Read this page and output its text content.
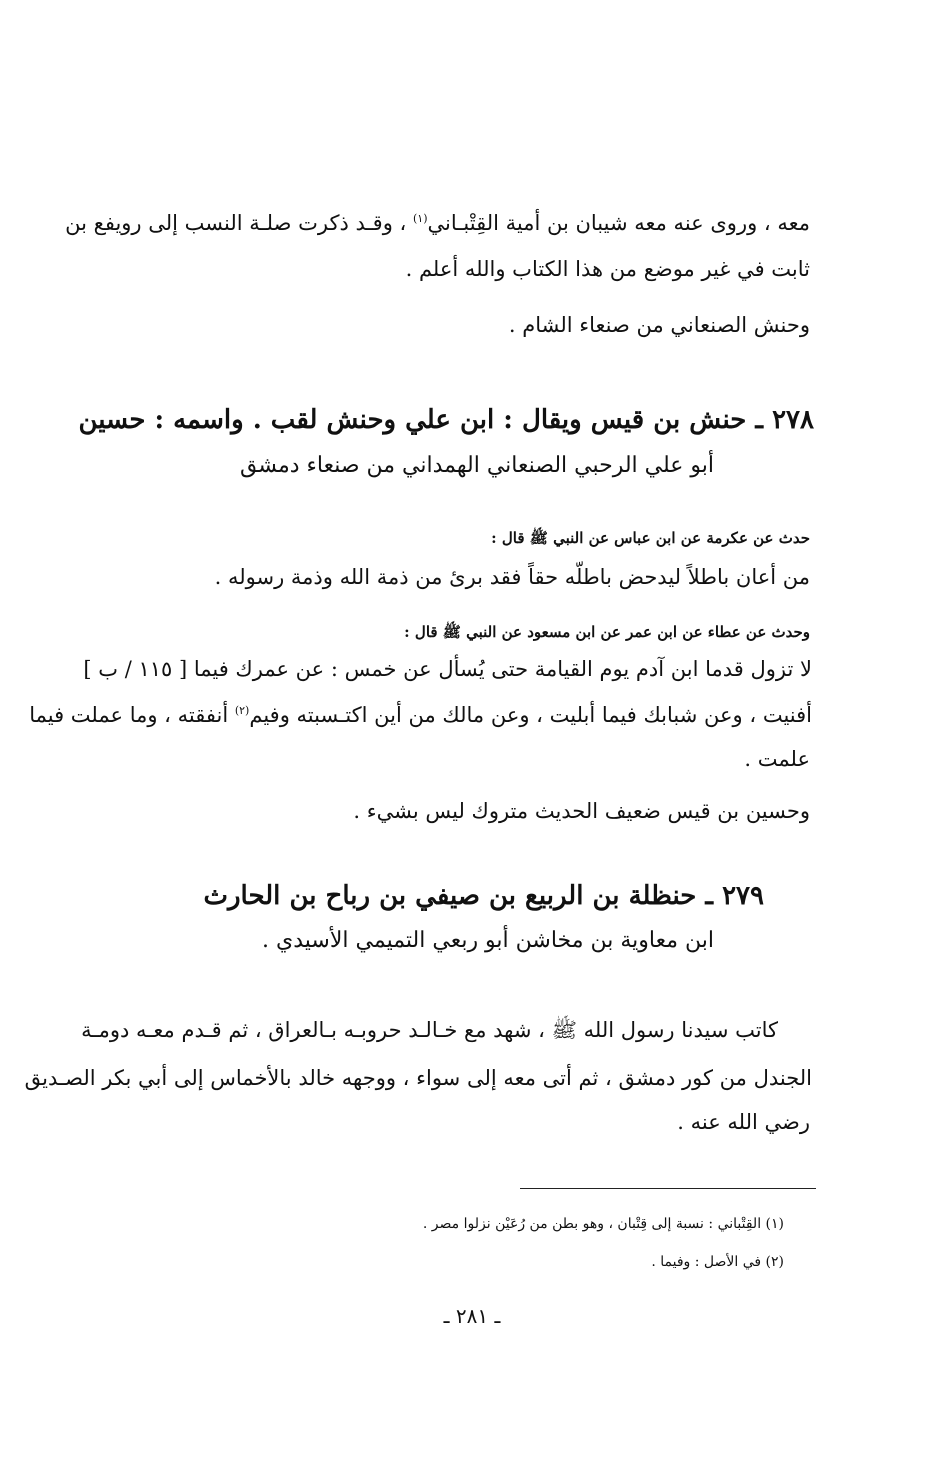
معه ، وروى عنه معه شيبان بن أمية القِتْبـاني$^{(١)}$ ، وقـد ذكرت صلـة النسب إلى رويفع بن
ثابت في غير موضع من هذا الكتاب والله أعلم .
وحنش الصنعاني من صنعاء الشام .
٢٧٨ ـ حنش بن قيس ويقال : ابن علي وحنش لقب . واسمه : حسين
أبو علي الرحبي الصنعاني الهمداني من صنعاء دمشق
حدث عن عكرمة عن ابن عباس عن النبي ﷺ قال :
من أعان باطلاً ليدحض باطلّه حقاً فقد برئ من ذمة الله وذمة رسوله .
وحدث عن عطاء عن ابن عمر عن ابن مسعود عن النبي ﷺ قال :
لا تزول قدما ابن آدم يوم القيامة حتى يُسأل عن خمس : عن عمرك فيما [ ١١٥ / ب ]
أفنيت ، وعن شبابك فيما أبليت ، وعن مالك من أين اكتـسبته وفيم$^{(٢)}$ أنفقته ، وما عملت فيما
علمت .
وحسين بن قيس ضعيف الحديث متروك ليس بشيء .
٢٧٩ ـ حنظلة بن الربيع بن صيفي بن رباح بن الحارث
ابن معاوية بن مخاشن أبو ربعي التميمي الأسيدي .
كاتب سيدنا رسول الله ﷺ ، شهد مع خـالـد حروبـه بـالعراق ، ثم قـدم معـه دومـة
الجندل من كور دمشق ، ثم أتى معه إلى سواء ، ووجهه خالد بالأخماس إلى أبي بكر الصـديق
رضي الله عنه .
(١) القِتْباني : نسبة إلى قِتْبان ، وهو بطن من رُعَيْن نزلوا مصر .
(٢) في الأصل : وفيما .
ـ ٢٨١ ـ
